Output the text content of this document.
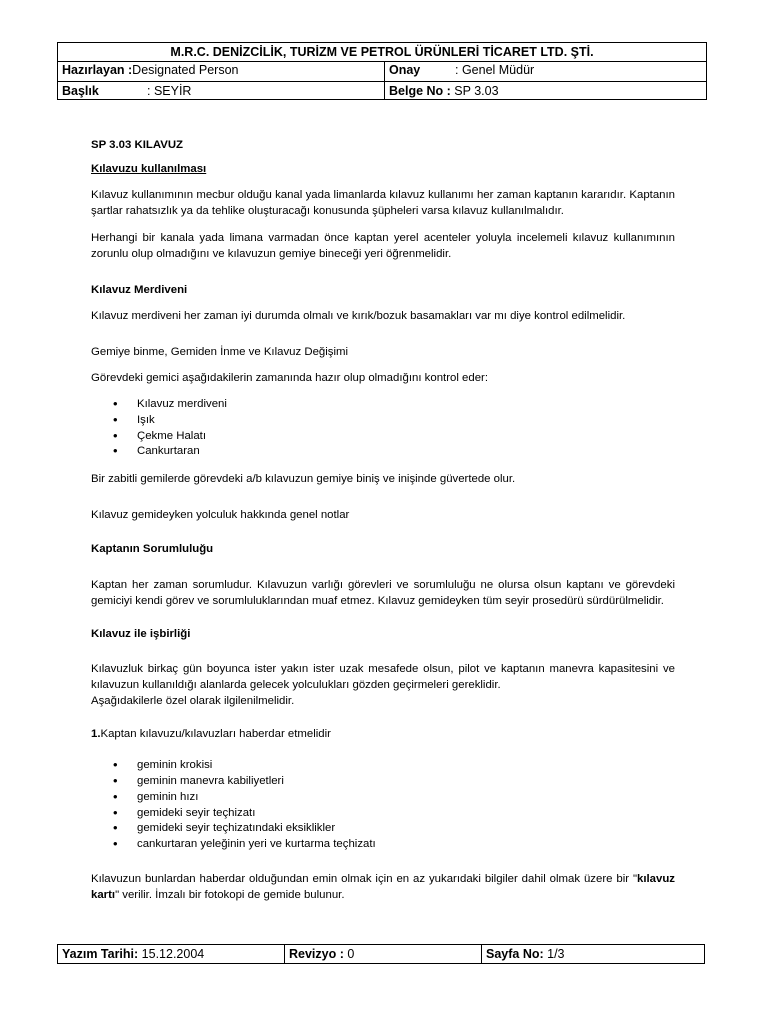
M.R.C. DENİZCİLİK, TURİZM VE PETROL ÜRÜNLERİ TİCARET LTD. ŞTİ.	
Hazırlayan :Designated Person	Onay : Genel Müdür
Başlık : SEYİR	Belge No : SP 3.03

SP 3.03 KILAVUZ

Kılavuzu kullanılması

Kılavuz kullanımının mecbur olduğu kanal yada limanlarda kılavuz kullanımı her zaman kaptanın kararıdır. Kaptanın şartlar rahatsızlık ya da tehlike oluşturacağı konusunda şüpheleri varsa kılavuz kullanılmalıdır.

Herhangi bir kanala yada limana varmadan önce kaptan yerel acenteler yoluyla incelemeli kılavuz kullanımının zorunlu olup olmadığını ve kılavuzun gemiye bineceği yeri öğrenmelidir.

Kılavuz Merdiveni

Kılavuz merdiveni her zaman iyi durumda olmalı ve kırık/bozuk basamakları var mı diye kontrol edilmelidir.

Gemiye binme, Gemiden İnme ve Kılavuz Değişimi

Görevdeki gemici aşağıdakilerin zamanında hazır olup olmadığını kontrol eder:

• Kılavuz merdiveni
• Işık
• Çekme Halatı
• Cankurtaran

Bir zabitli gemilerde görevdeki a/b kılavuzun gemiye biniş ve inişinde güvertede olur.

Kılavuz gemideyken yolculuk hakkında genel notlar

Kaptanın Sorumluluğu

Kaptan her zaman sorumludur. Kılavuzun varlığı görevleri ve sorumluluğu ne olursa olsun kaptanı ve görevdeki gemiciyi kendi görev ve sorumluluklarından muaf etmez. Kılavuz gemideyken tüm seyir prosedürü sürdürülmelidir.

Kılavuz ile işbirliği

Kılavuzluk birkaç gün boyunca ister yakın ister uzak mesafede olsun, pilot ve kaptanın manevra kapasitesini ve kılavuzun kullanıldığı alanlarda gelecek yolculukları gözden geçirmeleri gereklidir.

Aşağıdakilerle özel olarak ilgilenilmelidir.

1.Kaptan kılavuzu/kılavuzları haberdar etmelidir

• geminin krokisi
• geminin manevra kabiliyetleri
• geminin hızı
• gemideki seyir teçhizatı
• gemideki seyir teçhizatındaki eksiklikler
• cankurtaran yeleğinin yeri ve kurtarma teçhizatı

Kılavuzun bunlardan haberdar olduğundan emin olmak için en az yukarıdaki bilgiler dahil olmak üzere bir "kılavuz kartı" verilir. İmzalı bir fotokopi de gemide bulunur.

Yazım Tarihi: 15.12.2004	Revizyo : 0	Sayfa No: 1/3
